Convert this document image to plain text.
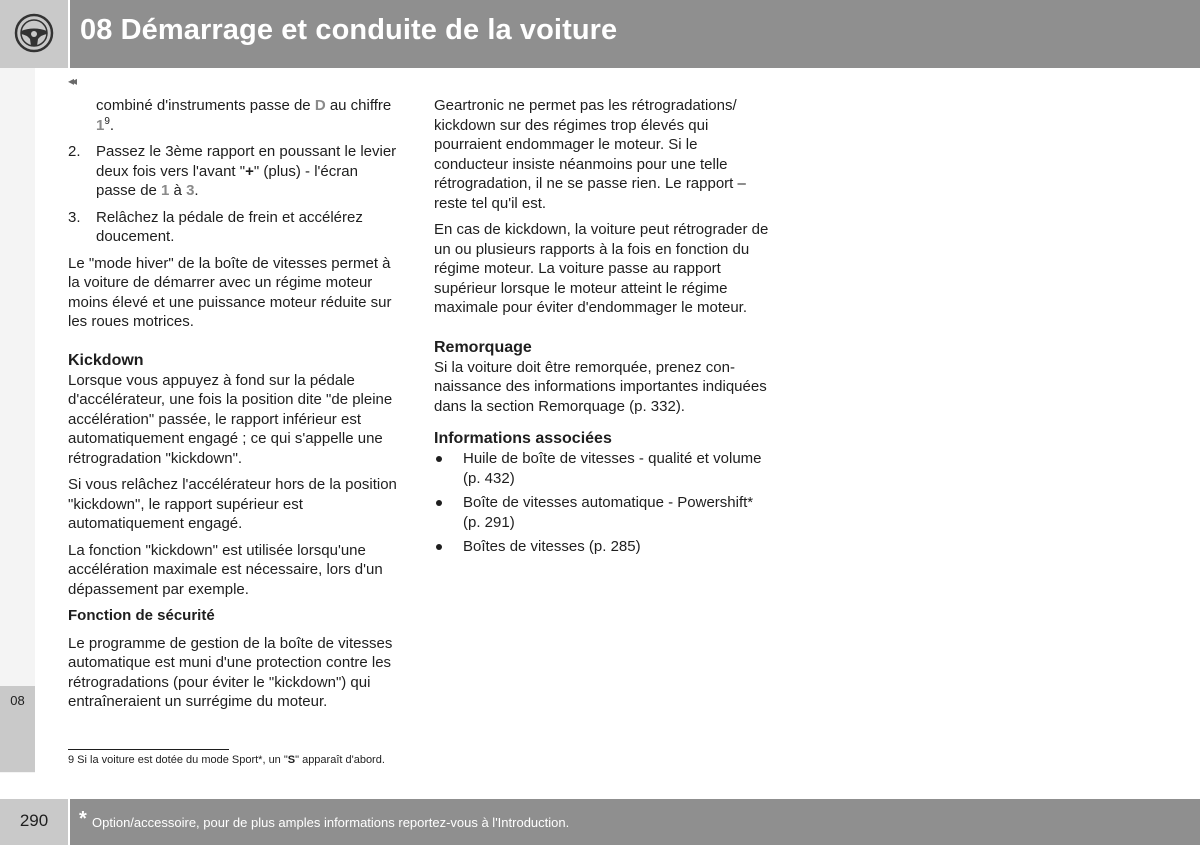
08 Démarrage et conduite de la voiture
08
◂◂

combiné d'instruments passe de D au chiffre $1^9$.

2. Passez le 3ème rapport en poussant le levier deux fois vers l'avant "+" (plus) - l'écran passe de 1 à 3.
3. Relâchez la pédale de frein et accélérez doucement.

Le "mode hiver" de la boîte de vitesses permet à la voiture de démarrer avec un régime moteur moins élevé et une puissance moteur réduite sur les roues motrices.

Kickdown

Lorsque vous appuyez à fond sur la pédale d'accélérateur, une fois la position dite "de pleine accélération" passée, le rapport inférieur est automatiquement engagé ; ce qui s'appelle une rétrogradation "kickdown".

Si vous relâchez l'accélérateur hors de la position "kickdown", le rapport supérieur est automatiquement engagé.

La fonction "kickdown" est utilisée lorsqu'une accélération maximale est nécessaire, lors d'un dépassement par exemple.

Fonction de sécurité

Le programme de gestion de la boîte de vitesses automatique est muni d'une protection contre les rétrogradations (pour éviter le "kickdown") qui entraîneraient un surrégime du moteur.

Geartronic ne permet pas les rétrogradations/ kickdown sur des régimes trop élevés qui pourraient endommager le moteur. Si le conducteur insiste néanmoins pour une telle rétrogradation, il ne se passe rien. Le rapport – reste tel qu'il est.

En cas de kickdown, la voiture peut rétrograder de un ou plusieurs rapports à la fois en fonction du régime moteur. La voiture passe au rapport supérieur lorsque le moteur atteint le régime maximale pour éviter d'endommager le moteur.

Remorquage

Si la voiture doit être remorquée, prenez connaissance des informations importantes indiquées dans la section Remorquage (p. 332).

Informations associées

Huile de boîte de vitesses - qualité et volume (p. 432)
Boîte de vitesses automatique - Powershift* (p. 291)
Boîtes de vitesses (p. 285)
9 Si la voiture est dotée du mode Sport*, un "S" apparaît d'abord.
290	* Option/accessoire, pour de plus amples informations reportez-vous à l'Introduction.
